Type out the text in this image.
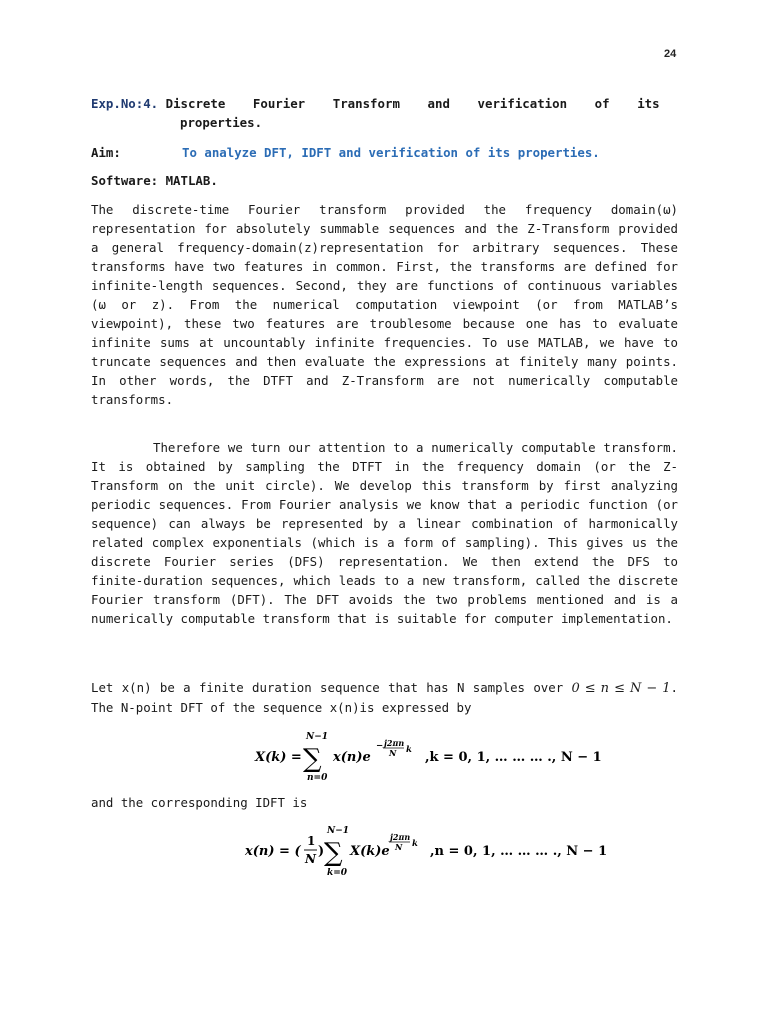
24
Exp.No:4. Discrete Fourier Transform and verification of its
properties.
Aim:	To analyze DFT, IDFT and verification of its properties.
Software: MATLAB.

The discrete-time Fourier transform provided the frequency domain(ω) representation for absolutely summable sequences and the Z-Transform provided a general frequency-domain(z)representation for arbitrary sequences. These transforms have two features in common. First, the transforms are defined for infinite-length sequences. Second, they are functions of continuous variables (ω or z). From the numerical computation viewpoint (or from MATLAB’s viewpoint), these two features are troublesome because one has to evaluate infinite sums at uncountably infinite frequencies. To use MATLAB, we have to truncate sequences and then evaluate the expressions at finitely many points. In other words, the DTFT and Z-Transform are not numerically computable transforms.

Therefore we turn our attention to a numerically computable transform. It is obtained by sampling the DTFT in the frequency domain (or the Z-Transform on the unit circle). We develop this transform by first analyzing periodic sequences. From Fourier analysis we know that a periodic function (or sequence) can always be represented by a linear combination of harmonically related complex exponentials (which is a form of sampling). This gives us the discrete Fourier series (DFS) representation. We then extend the DFS to finite-duration sequences, which leads to a new transform, called the discrete Fourier transform (DFT). The DFT avoids the two problems mentioned and is a numerically computable transform that is suitable for computer implementation.

Let x(n) be a finite duration sequence that has N samples over 0 ≤ n ≤ N − 1. The N-point DFT of the sequence x(n)is expressed by

X(k) =
N−1
∑
n=0
x(n)e
− j2πn
N k ,k = 0, 1, … … … ., N − 1

and the corresponding IDFT is

x(n) = (
1
N )
N−1
∑
k=0
X(k)e
j2πn
N k ,n = 0, 1, … … … ., N − 1
